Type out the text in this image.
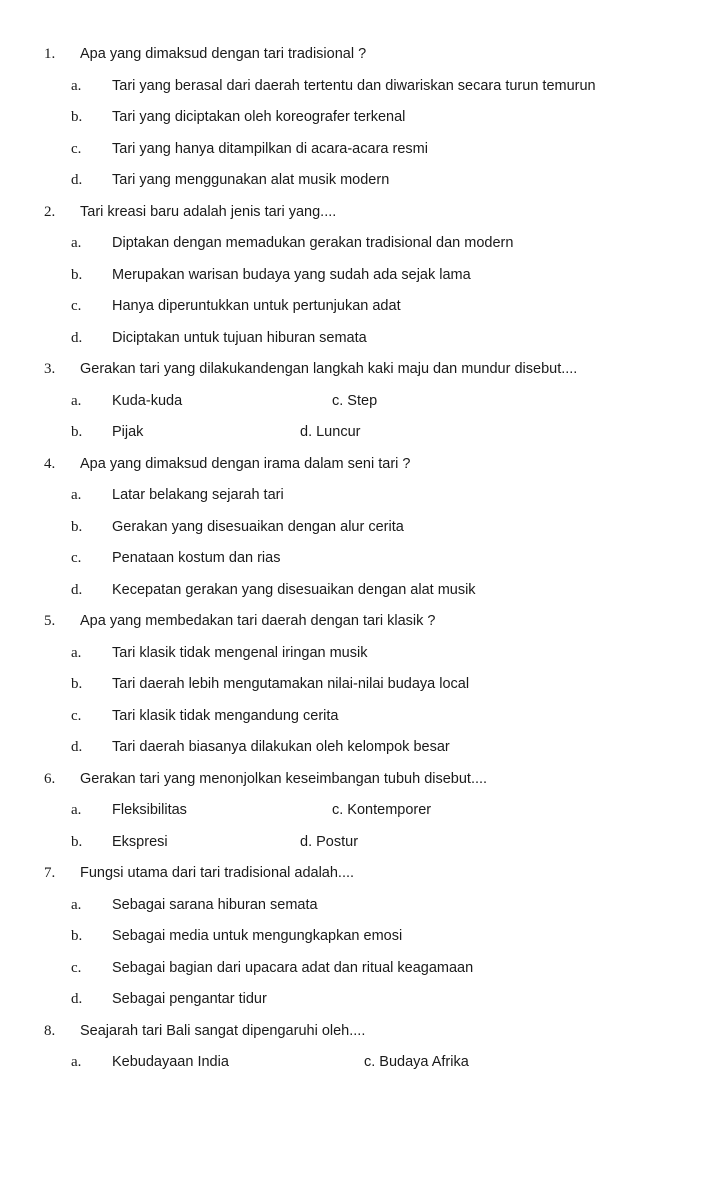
1. Apa yang dimaksud dengan tari tradisional ?
a. Tari yang berasal dari daerah tertentu dan diwariskan secara turun temurun
b. Tari yang diciptakan oleh koreografer terkenal
c. Tari yang hanya ditampilkan di acara-acara resmi
d. Tari yang menggunakan alat musik modern
2. Tari kreasi baru adalah jenis tari yang....
a. Diptakan dengan memadukan gerakan tradisional dan modern
b. Merupakan warisan budaya yang sudah ada sejak lama
c. Hanya diperuntukkan untuk pertunjukan adat
d. Diciptakan untuk tujuan hiburan semata
3. Gerakan tari yang dilakukandengan langkah kaki maju dan mundur disebut....
a. Kuda-kuda	c. Step
b. Pijak	d. Luncur
4. Apa yang dimaksud dengan irama dalam seni tari ?
a. Latar belakang sejarah tari
b. Gerakan yang disesuaikan dengan alur cerita
c. Penataan kostum dan rias
d. Kecepatan gerakan yang disesuaikan dengan alat musik
5. Apa yang membedakan tari daerah dengan tari klasik ?
a. Tari klasik tidak mengenal iringan musik
b. Tari daerah lebih mengutamakan nilai-nilai budaya local
c. Tari klasik tidak mengandung cerita
d. Tari daerah biasanya dilakukan oleh kelompok besar
6. Gerakan tari yang menonjolkan keseimbangan tubuh disebut....
a. Fleksibilitas	c. Kontemporer
b. Ekspresi	d. Postur
7. Fungsi utama dari tari tradisional adalah....
a. Sebagai sarana hiburan semata
b. Sebagai media untuk mengungkapkan emosi
c. Sebagai bagian dari upacara adat dan ritual keagamaan
d. Sebagai pengantar tidur
8. Seajarah tari Bali sangat dipengaruhi oleh....
a. Kebudayaan India	c. Budaya Afrika
